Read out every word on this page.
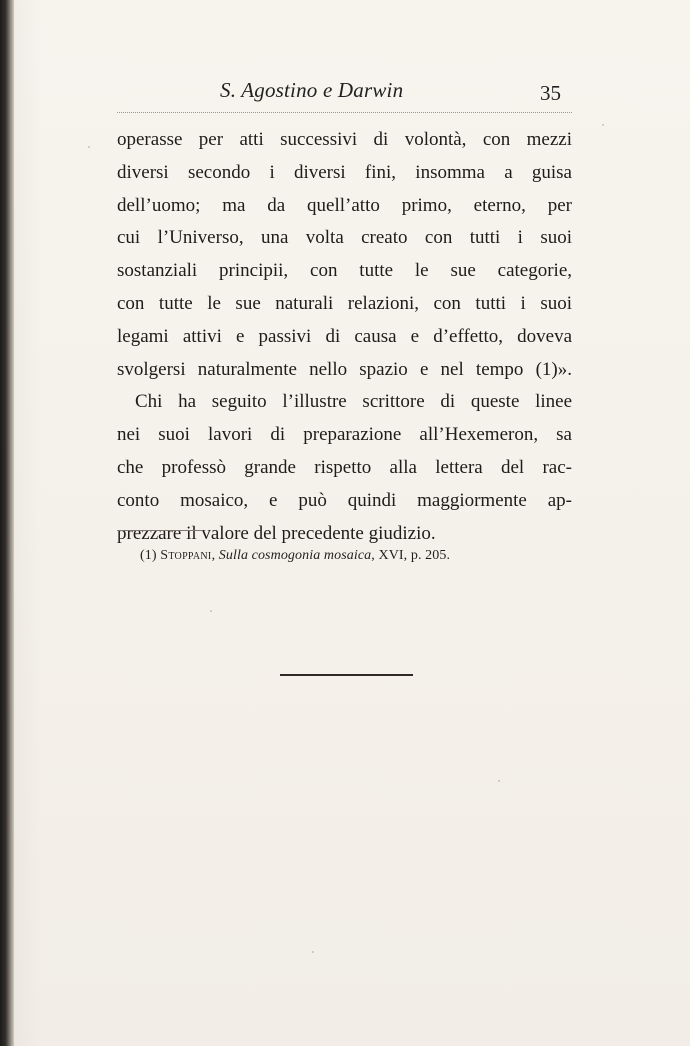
S. Agostino e Darwin	35
operasse per atti successivi di volontà, con mezzi
diversi secondo i diversi fini, insomma a guisa
dell’uomo; ma da quell’atto primo, eterno, per
cui l’Universo, una volta creato con tutti i suoi
sostanziali principii, con tutte le sue categorie,
con tutte le sue naturali relazioni, con tutti i suoi
legami attivi e passivi di causa e d’effetto, doveva
svolgersi naturalmente nello spazio e nel tempo (1)».
Chi ha seguito l’illustre scrittore di queste linee
nei suoi lavori di preparazione all’Hexemeron, sa
che professò grande rispetto alla lettera del rac-
conto mosaico, e può quindi maggiormente ap-
prezzare il valore del precedente giudizio.
(1) Stoppani, Sulla cosmogonia mosaica, XVI, p. 205.
